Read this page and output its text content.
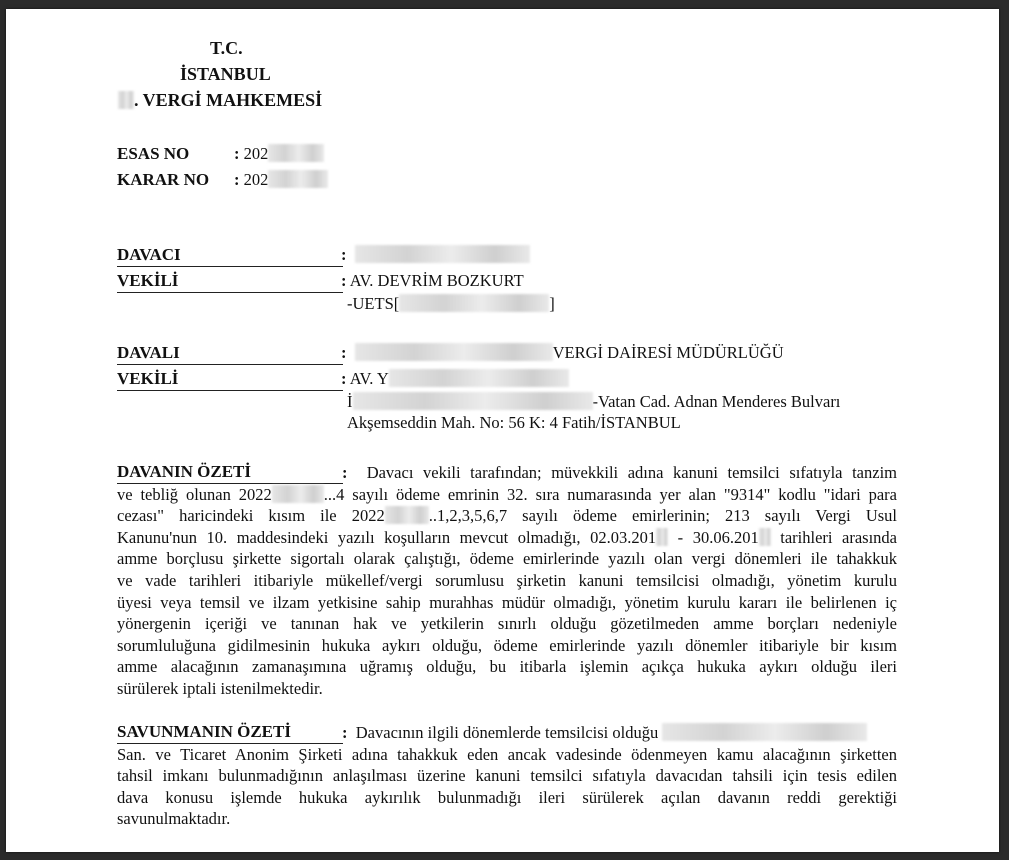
T.C.
İSTANBUL
. VERGİ MAHKEMESİ
ESAS NO	: 202
KARAR NO : 202
DAVACI	:
VEKİLİ	: AV. DEVRİM BOZKURT
-UETS[	]
DAVALI	:	VERGİ DAİRESİ MÜDÜRLÜĞÜ
VEKİLİ	: AV. Y
İ	-Vatan Cad. Adnan Menderes Bulvarı
Akşemseddin Mah. No: 56 K: 4 Fatih/İSTANBUL
DAVANIN ÖZETİ	: Davacı vekili tarafından; müvekkili adına kanuni temsilci sıfatıyla tanzim
ve tebliğ olunan 2022	...4 sayılı ödeme emrinin 32. sıra numarasında yer alan "9314" kodlu "idari para
cezası" haricindeki kısım ile 2022	..1,2,3,5,6,7 sayılı ödeme emirlerinin; 213 sayılı Vergi Usul
Kanunu'nun 10. maddesindeki yazılı koşulların mevcut olmadığı, 02.03.201 - 30.06.201 tarihleri arasında
amme borçlusu şirkette sigortalı olarak çalıştığı, ödeme emirlerinde yazılı olan vergi dönemleri ile tahakkuk
ve vade tarihleri itibariyle mükellef/vergi sorumlusu şirketin kanuni temsilcisi olmadığı, yönetim kurulu
üyesi veya temsil ve ilzam yetkisine sahip murahhas müdür olmadığı, yönetim kurulu kararı ile belirlenen iç
yönergenin içeriği ve tanınan hak ve yetkilerin sınırlı olduğu gözetilmeden amme borçları nedeniyle
sorumluluğuna gidilmesinin hukuka aykırı olduğu, ödeme emirlerinde yazılı dönemler itibariyle bir kısım
amme alacağının zamanaşımına uğramış olduğu, bu itibarla işlemin açıkça hukuka aykırı olduğu ileri
sürülerek iptali istenilmektedir.
SAVUNMANIN ÖZETİ	: Davacının ilgili dönemlerde temsilcisi olduğu
San. ve Ticaret Anonim Şirketi adına tahakkuk eden ancak vadesinde ödenmeyen kamu alacağının şirketten
tahsil imkanı bulunmadığının anlaşılması üzerine kanuni temsilci sıfatıyla davacıdan tahsili için tesis edilen
dava konusu işlemde hukuka aykırılık bulunmadığı ileri sürülerek açılan davanın reddi gerektiği
savunulmaktadır.
